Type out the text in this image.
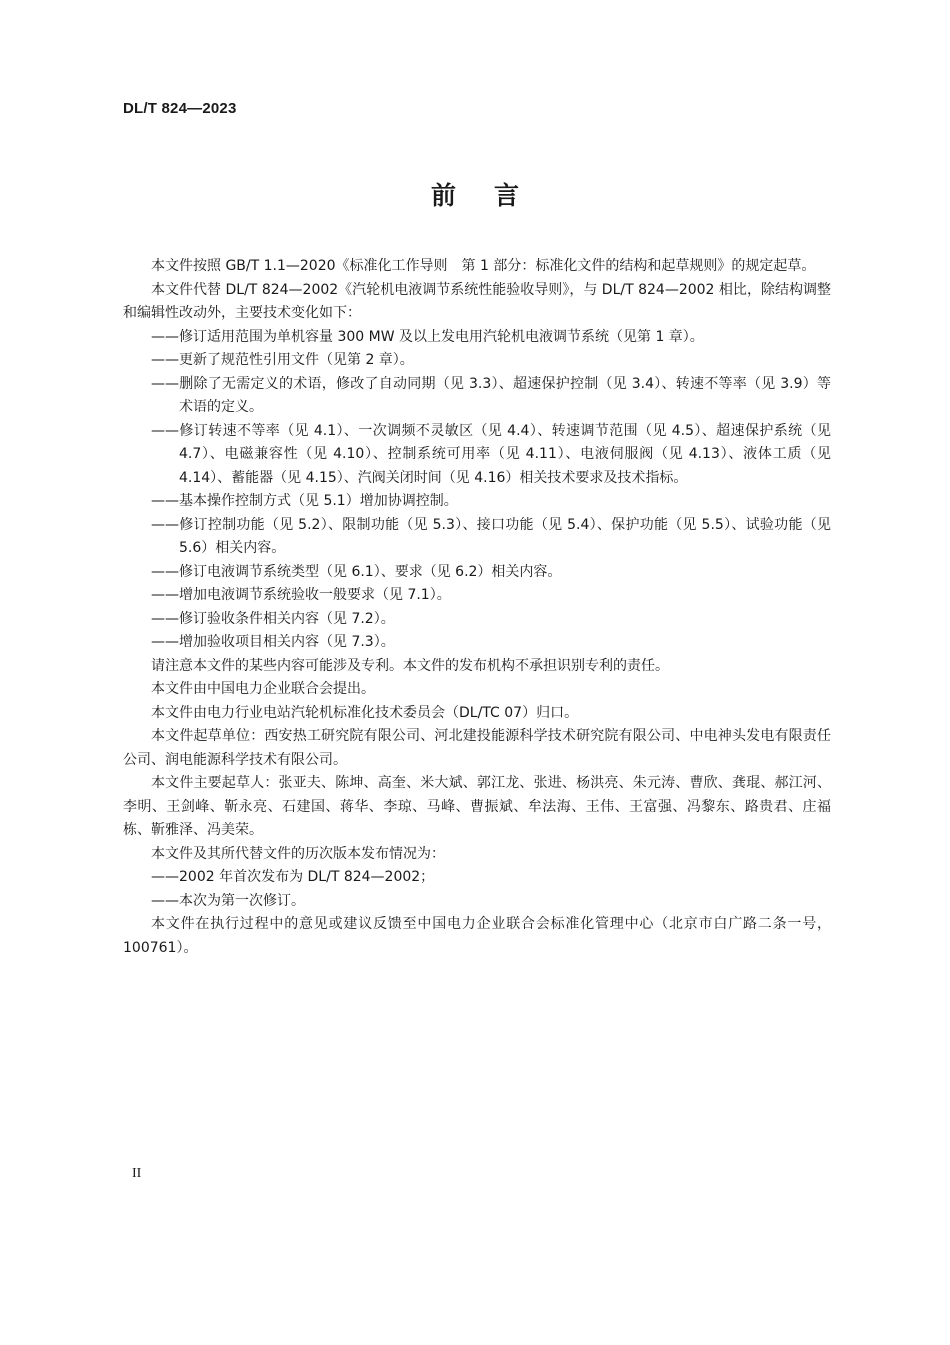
DL/T 824—2023
前言

本文件按照 GB/T 1.1—2020《标准化工作导则　第 1 部分：标准化文件的结构和起草规则》的规定起草。

本文件代替 DL/T 824—2002《汽轮机电液调节系统性能验收导则》，与 DL/T 824—2002 相比，除结构调整和编辑性改动外，主要技术变化如下：

——修订适用范围为单机容量 300 MW 及以上发电用汽轮机电液调节系统（见第 1 章）。

——更新了规范性引用文件（见第 2 章）。

——删除了无需定义的术语，修改了自动同期（见 3.3）、超速保护控制（见 3.4）、转速不等率（见 3.9）等术语的定义。

——修订转速不等率（见 4.1）、一次调频不灵敏区（见 4.4）、转速调节范围（见 4.5）、超速保护系统（见 4.7）、电磁兼容性（见 4.10）、控制系统可用率（见 4.11）、电液伺服阀（见 4.13）、液体工质（见 4.14）、蓄能器（见 4.15）、汽阀关闭时间（见 4.16）相关技术要求及技术指标。

——基本操作控制方式（见 5.1）增加协调控制。

——修订控制功能（见 5.2）、限制功能（见 5.3）、接口功能（见 5.4）、保护功能（见 5.5）、试验功能（见 5.6）相关内容。

——修订电液调节系统类型（见 6.1）、要求（见 6.2）相关内容。

——增加电液调节系统验收一般要求（见 7.1）。

——修订验收条件相关内容（见 7.2）。

——增加验收项目相关内容（见 7.3）。

请注意本文件的某些内容可能涉及专利。本文件的发布机构不承担识别专利的责任。

本文件由中国电力企业联合会提出。

本文件由电力行业电站汽轮机标准化技术委员会（DL/TC 07）归口。

本文件起草单位：西安热工研究院有限公司、河北建投能源科学技术研究院有限公司、中电神头发电有限责任公司、润电能源科学技术有限公司。

本文件主要起草人：张亚夫、陈坤、高奎、米大斌、郭江龙、张进、杨洪亮、朱元涛、曹欣、龚琨、郝江河、李明、王剑峰、靳永亮、石建国、蒋华、李琼、马峰、曹振斌、牟法海、王伟、王富强、冯黎东、路贵君、庄福栋、靳雅泽、冯美荣。

本文件及其所代替文件的历次版本发布情况为：

——2002 年首次发布为 DL/T 824—2002；

——本次为第一次修订。

本文件在执行过程中的意见或建议反馈至中国电力企业联合会标准化管理中心（北京市白广路二条一号，100761）。

II
